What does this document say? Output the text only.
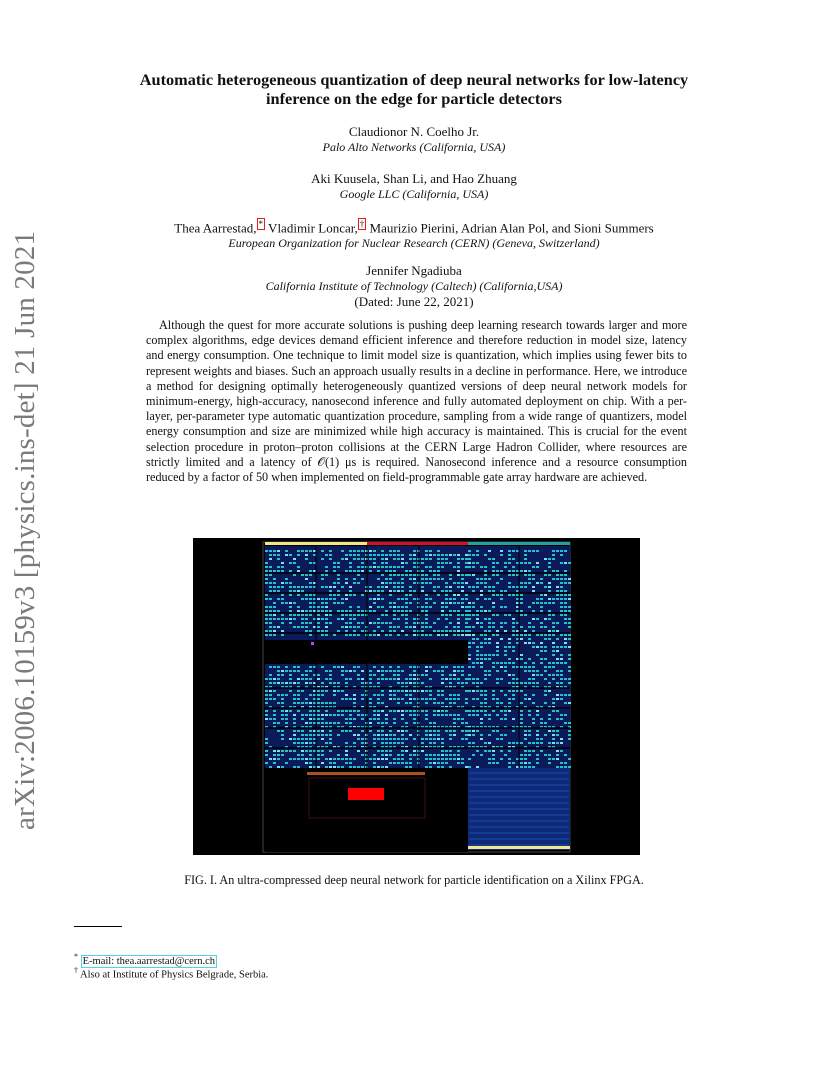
arXiv:2006.10159v3 [physics.ins-det] 21 Jun 2021
Automatic heterogeneous quantization of deep neural networks for low-latency
inference on the edge for particle detectors
Claudionor N. Coelho Jr.
Palo Alto Networks (California, USA)
Aki Kuusela, Shan Li, and Hao Zhuang
Google LLC (California, USA)
Thea Aarrestad, * Vladimir Loncar, † Maurizio Pierini, Adrian Alan Pol, and Sioni Summers
European Organization for Nuclear Research (CERN) (Geneva, Switzerland)
Jennifer Ngadiuba
California Institute of Technology (Caltech) (California,USA)
(Dated: June 22, 2021)
Although the quest for more accurate solutions is pushing deep learning research towards larger and more complex algorithms, edge devices demand efficient inference and therefore reduction in model size, latency and energy consumption. One technique to limit model size is quantization, which implies using fewer bits to represent weights and biases. Such an approach usually results in a decline in performance. Here, we introduce a method for designing optimally heterogeneously quantized versions of deep neural network models for minimum-energy, high-accuracy, nanosecond inference and fully automated deployment on chip. With a per-layer, per-parameter type automatic quantization procedure, sampling from a wide range of quantizers, model energy consumption and size are minimized while high accuracy is maintained. This is crucial for the event selection procedure in proton–proton collisions at the CERN Large Hadron Collider, where resources are strictly limited and a latency of 𝒪(1) μs is required. Nanosecond inference and a resource consumption reduced by a factor of 50 when implemented on field-programmable gate array hardware are achieved.
FIG. I. An ultra-compressed deep neural network for particle identification on a Xilinx FPGA.
* E-mail: thea.aarrestad@cern.ch
† Also at Institute of Physics Belgrade, Serbia.
